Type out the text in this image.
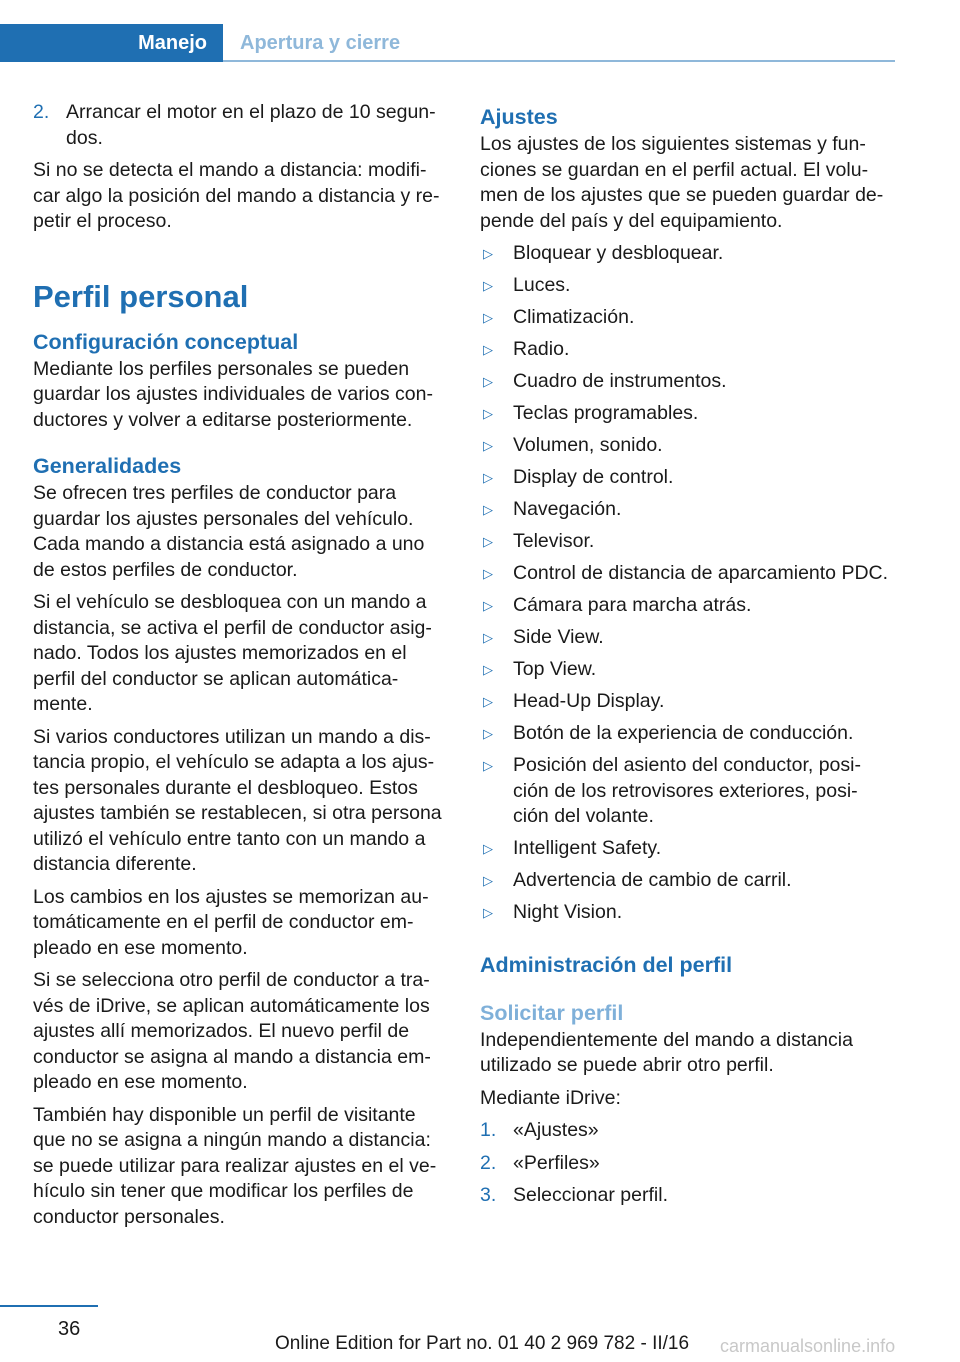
Manejo	Apertura y cierre
2. Arrancar el motor en el plazo de 10 segun‐ dos.

Si no se detecta el mando a distancia: modifi‐ car algo la posición del mando a distancia y re‐ petir el proceso.

Perfil personal
Configuración conceptual

Mediante los perfiles personales se pueden guardar los ajustes individuales de varios con‐ ductores y volver a editarse posteriormente.

Generalidades

Se ofrecen tres perfiles de conductor para guardar los ajustes personales del vehículo. Cada mando a distancia está asignado a uno de estos perfiles de conductor.

Si el vehículo se desbloquea con un mando a distancia, se activa el perfil de conductor asig‐ nado. Todos los ajustes memorizados en el perfil del conductor se aplican automática‐ mente.

Si varios conductores utilizan un mando a dis‐ tancia propio, el vehículo se adapta a los ajus‐ tes personales durante el desbloqueo. Estos ajustes también se restablecen, si otra persona utilizó el vehículo entre tanto con un mando a distancia diferente.

Los cambios en los ajustes se memorizan au‐ tomáticamente en el perfil de conductor em‐ pleado en ese momento.

Si se selecciona otro perfil de conductor a tra‐ vés de iDrive, se aplican automáticamente los ajustes allí memorizados. El nuevo perfil de conductor se asigna al mando a distancia em‐ pleado en ese momento.

También hay disponible un perfil de visitante que no se asigna a ningún mando a distancia: se puede utilizar para realizar ajustes en el ve‐ hículo sin tener que modificar los perfiles de conductor personales.

Ajustes

Los ajustes de los siguientes sistemas y fun‐ ciones se guardan en el perfil actual. El volu‐ men de los ajustes que se pueden guardar de‐ pende del país y del equipamiento.

▷	Bloquear y desbloquear.
▷	Luces.
▷	Climatización.
▷	Radio.
▷	Cuadro de instrumentos.
▷	Teclas programables.
▷	Volumen, sonido.
▷	Display de control.
▷	Navegación.
▷	Televisor.
▷	Control de distancia de aparcamiento PDC.
▷	Cámara para marcha atrás.
▷	Side View.
▷	Top View.
▷	Head-Up Display.
▷	Botón de la experiencia de conducción.
▷	Posición del asiento del conductor, posi‐ ción de los retrovisores exteriores, posi‐ ción del volante.
▷	Intelligent Safety.
▷	Advertencia de cambio de carril.
▷	Night Vision.
Administración del perfil
Solicitar perfil

Independientemente del mando a distancia utilizado se puede abrir otro perfil.

Mediante iDrive:

1. «Ajustes»
2. «Perfiles»
3. Seleccionar perfil.
36
Online Edition for Part no. 01 40 2 969 782 - II/16 carmanualsonline.info
